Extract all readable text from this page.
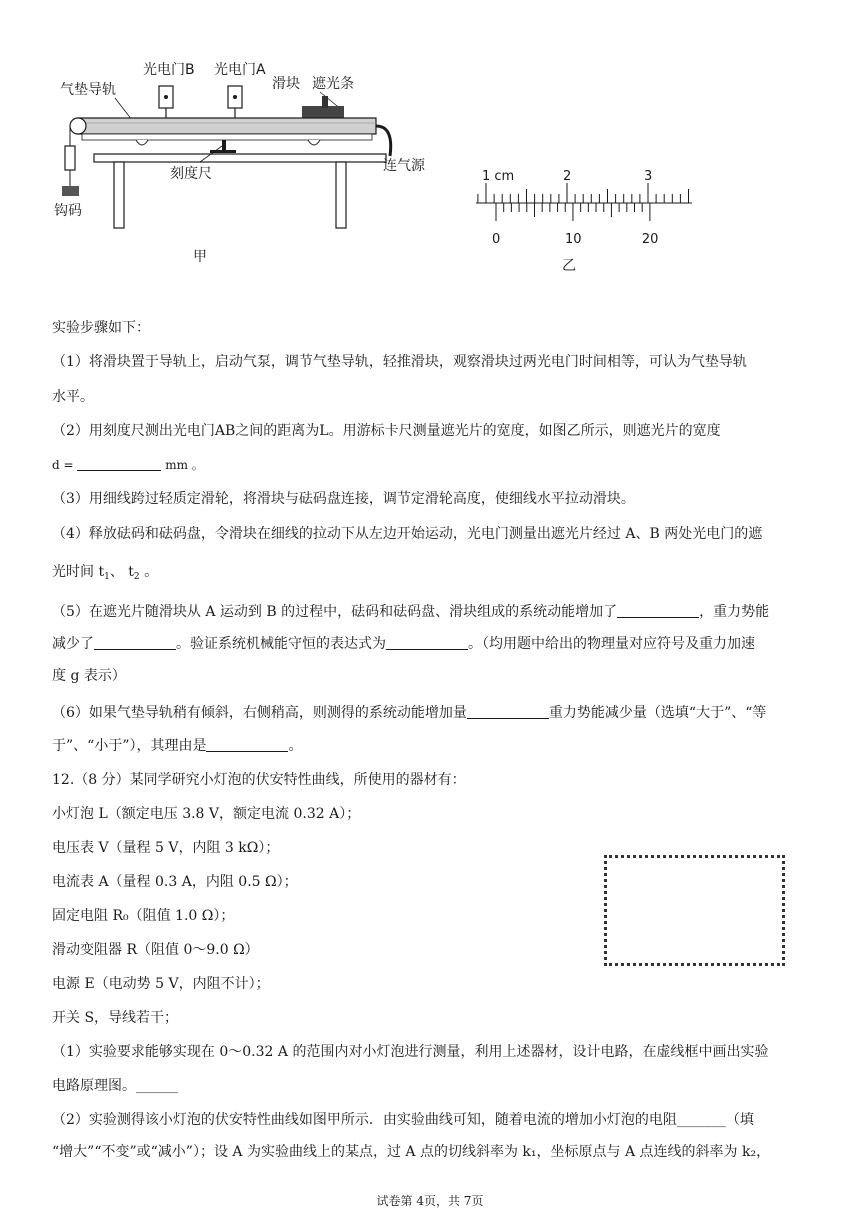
光电门B 光电门A
滑块 遮光条
气垫导轨
钩码
刻度尺	连气源
甲
1 cm	2	3
0	10	20
乙
实验步骤如下：
（1）将滑块置于导轨上，启动气泵，调节气垫导轨，轻推滑块，观察滑块过两光电门时间相等，可认为气垫导轨
水平。
（2）用刻度尺测出光电门AB之间的距离为L。用游标卡尺测量遮光片的宽度，如图乙所示，则遮光片的宽度
d =	mm 。
（3）用细线跨过轻质定滑轮，将滑块与砝码盘连接，调节定滑轮高度，使细线水平拉动滑块。
（4）释放砝码和砝码盘，令滑块在细线的拉动下从左边开始运动，光电门测量出遮光片经过 A、B 两处光电门的遮
光时间 $t_1$、 $t_2$ 。
（5）在遮光片随滑块从 A 运动到 B 的过程中，砝码和砝码盘、滑块组成的系统动能增加了	，重力势能
减少了	。验证系统机械能守恒的表达式为	。（均用题中给出的物理量对应符号及重力加速
度 g 表示）
（6）如果气垫导轨稍有倾斜，右侧稍高，则测得的系统动能增加量	重力势能减少量（选填“大于”、“等
于”、“小于”），其理由是	。
12.（8 分）某同学研究小灯泡的伏安特性曲线，所使用的器材有：
小灯泡 L（额定电压 3.8 V，额定电流 0.32 A）；
电压表 V（量程 5 V，内阻 3 kΩ）；
电流表 A（量程 0.3 A，内阻 0.5 Ω）；
固定电阻 R₀（阻值 1.0 Ω）；
滑动变阻器 R（阻值 0～9.0 Ω）
电源 E（电动势 5 V，内阻不计）；
开关 S，导线若干；
（1）实验要求能够实现在 0～0.32 A 的范围内对小灯泡进行测量，利用上述器材，设计电路，在虚线框中画出实验
电路原理图。______
（2）实验测得该小灯泡的伏安特性曲线如图甲所示．由实验曲线可知，随着电流的增加小灯泡的电阻_______（填
“增大”“不变”或“减小”）；设 A 为实验曲线上的某点，过 A 点的切线斜率为 k₁，坐标原点与 A 点连线的斜率为 k₂，
试卷第 4页，共 7页
